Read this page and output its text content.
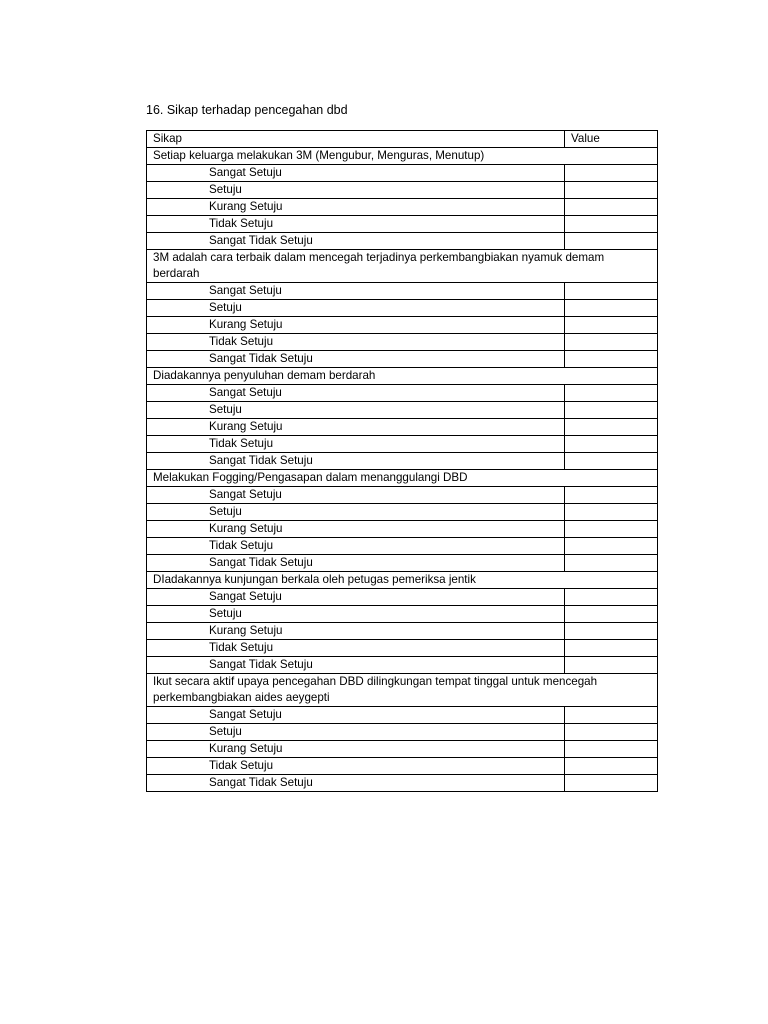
16. Sikap terhadap pencegahan dbd
Sikap	Value
Setiap keluarga melakukan 3M (Mengubur, Menguras, Menutup)	
Sangat Setuju	
Setuju	
Kurang Setuju	
Tidak Setuju	
Sangat Tidak Setuju	
3M adalah cara terbaik dalam mencegah terjadinya perkembangbiakan nyamuk demam berdarah	
Sangat Setuju	
Setuju	
Kurang Setuju	
Tidak Setuju	
Sangat Tidak Setuju	
Diadakannya penyuluhan demam berdarah	
Sangat Setuju	
Setuju	
Kurang Setuju	
Tidak Setuju	
Sangat Tidak Setuju	
Melakukan Fogging/Pengasapan dalam menanggulangi DBD	
Sangat Setuju	
Setuju	
Kurang Setuju	
Tidak Setuju	
Sangat Tidak Setuju	
DIadakannya kunjungan berkala oleh petugas pemeriksa jentik	
Sangat Setuju	
Setuju	
Kurang Setuju	
Tidak Setuju	
Sangat Tidak Setuju	
Ikut secara aktif upaya pencegahan DBD dilingkungan tempat tinggal untuk mencegah perkembangbiakan aides aeygepti	
Sangat Setuju	
Setuju	
Kurang Setuju	
Tidak Setuju	
Sangat Tidak Setuju	
